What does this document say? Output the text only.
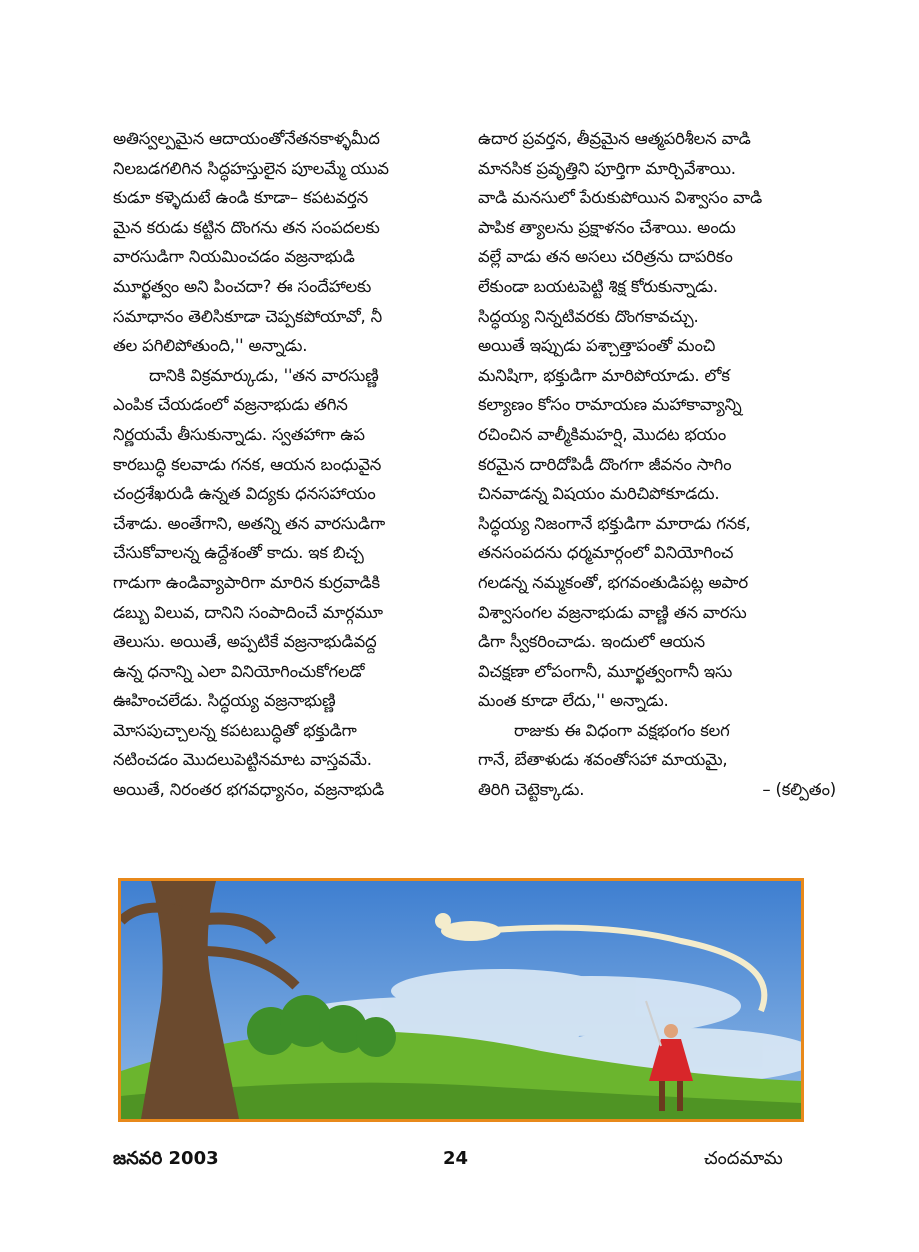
అతిస్వల్పమైన ఆదాయంతోనేతనకాళ్ళమీద
నిలబడగలిగిన సిద్ధహస్తులైన పూలమ్మే యువ
కుడూ కళ్ళెదుటే ఉండి కూడా– కపటవర్తన
మైన కరుడు కట్టిన దొంగను తన సంపదలకు
వారసుడిగా నియమించడం వజ్రనాభుడి
మూర్ఖత్వం అని పించదా? ఈ సందేహాలకు
సమాధానం తెలిసికూడా చెప్పకపోయావో, నీ
తల పగిలిపోతుంది,'' అన్నాడు.
దానికి విక్రమార్కుడు, ''తన వారసుణ్ణి
ఎంపిక చేయడంలో వజ్రనాభుడు తగిన
నిర్ణయమే తీసుకున్నాడు. స్వతహాగా ఉప
కారబుద్ధి కలవాడు గనక, ఆయన బంధువైన
చంద్రశేఖరుడి ఉన్నత విద్యకు ధనసహాయం
చేశాడు. అంతేగాని, అతన్ని తన వారసుడిగా
చేసుకోవాలన్న ఉద్దేశంతో కాదు. ఇక బిచ్చ
గాడుగా ఉండివ్యాపారిగా మారిన కుర్రవాడికి
డబ్బు విలువ, దానిని సంపాదించే మార్గమూ
తెలుసు. అయితే, అప్పటికే వజ్రనాభుడివద్ద
ఉన్న ధనాన్ని ఎలా వినియోగించుకోగలడో
ఊహించలేడు. సిద్ధయ్య వజ్రనాభుణ్ణి
మోసపుచ్చాలన్న కపటబుద్ధితో భక్తుడిగా
నటించడం మొదలుపెట్టినమాట వాస్తవమే.
అయితే, నిరంతర భగవధ్యానం, వజ్రనాభుడి
ఉదార ప్రవర్తన, తీవ్రమైన ఆత్మపరిశీలన వాడి
మానసిక ప్రవృత్తిని పూర్తిగా మార్చివేశాయి.
వాడి మనసులో పేరుకుపోయిన విశ్వాసం వాడి
పాపిక త్యాలను ప్రక్షాళనం చేశాయి. అందు
వల్లే వాడు తన అసలు చరిత్రను దాపరికం
లేకుండా బయటపెట్టి శిక్ష కోరుకున్నాడు.
సిద్ధయ్య నిన్నటివరకు దొంగకావచ్చు.
అయితే ఇప్పుడు పశ్చాత్తాపంతో మంచి
మనిషిగా, భక్తుడిగా మారిపోయాడు. లోక
కల్యాణం కోసం రామాయణ మహాకావ్యాన్ని
రచించిన వాల్మీకిమహర్షి, మొదట భయం
కరమైన దారిదోపిడీ దొంగగా జీవనం సాగిం
చినవాడన్న విషయం మరిచిపోకూడదు.
సిద్ధయ్య నిజంగానే భక్తుడిగా మారాడు గనక,
తనసంపదను ధర్మమార్గంలో వినియోగించ
గలడన్న నమ్మకంతో, భగవంతుడిపట్ల అపార
విశ్వాసంగల వజ్రనాభుడు వాణ్ణి తన వారసు
డిగా స్వీకరించాడు. ఇందులో ఆయన
విచక్షణా లోపంగానీ, మూర్ఖత్వంగానీ ఇసు
మంత కూడా లేదు,'' అన్నాడు.
రాజుకు ఈ విధంగా వక్షభంగం కలగ
గానే, బేతాళుడు శవంతోసహా మాయమై,
తిరిగి చెట్టెక్కాడు.	– (కల్పితం)
జనవరి 2003	24	చందమామ
